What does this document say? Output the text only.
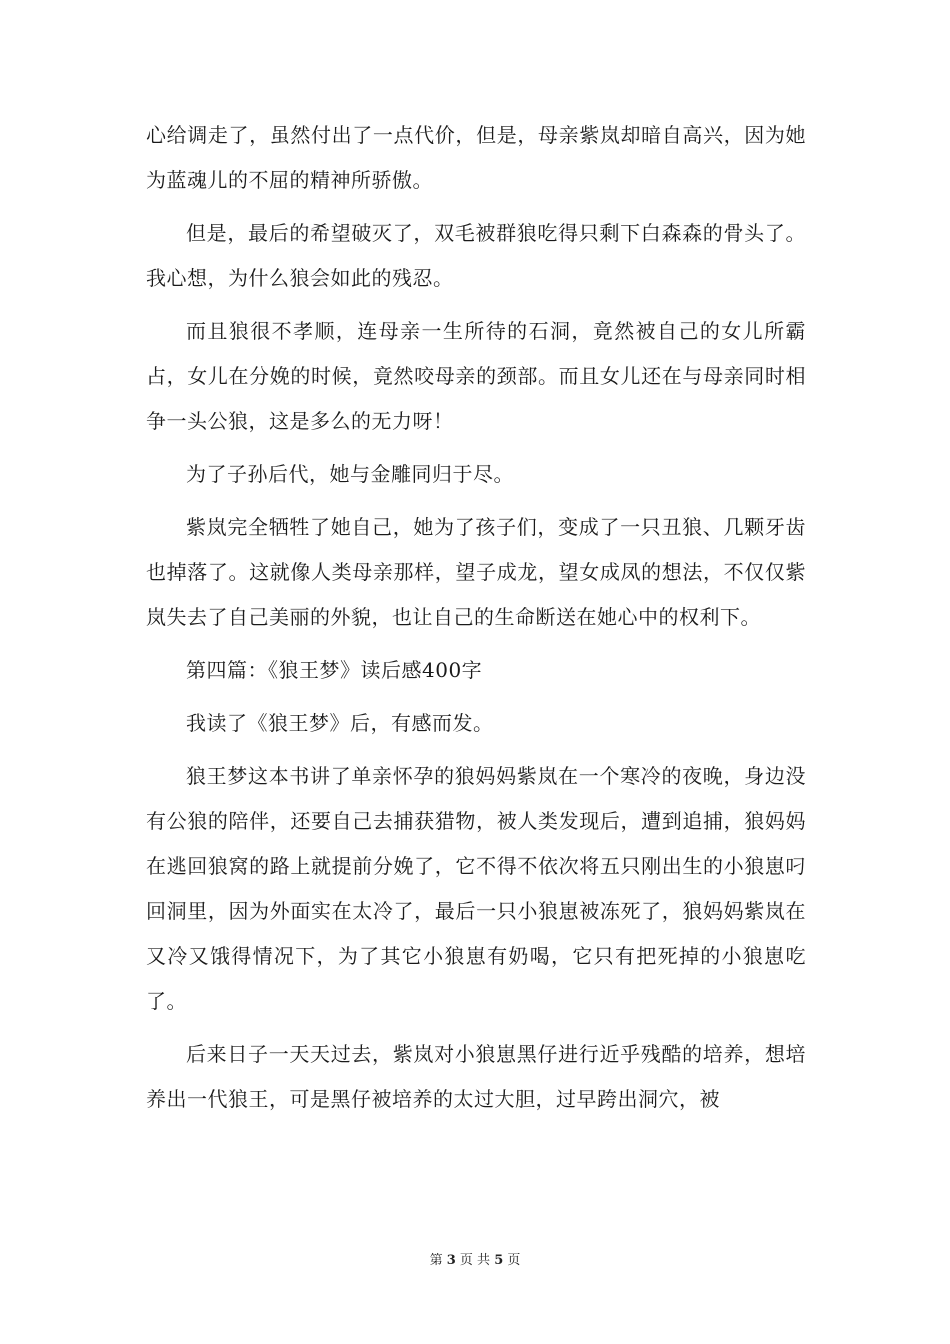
心给调走了，虽然付出了一点代价，但是，母亲紫岚却暗自高兴，因为她为蓝魂儿的不屈的精神所骄傲。

但是，最后的希望破灭了，双毛被群狼吃得只剩下白森森的骨头了。我心想，为什么狼会如此的残忍。

而且狼很不孝顺，连母亲一生所待的石洞，竟然被自己的女儿所霸占，女儿在分娩的时候，竟然咬母亲的颈部。而且女儿还在与母亲同时相争一头公狼，这是多么的无力呀！

为了子孙后代，她与金雕同归于尽。

紫岚完全牺牲了她自己，她为了孩子们，变成了一只丑狼、几颗牙齿也掉落了。这就像人类母亲那样，望子成龙，望女成凤的想法，不仅仅紫岚失去了自己美丽的外貌，也让自己的生命断送在她心中的权利下。

第四篇：《狼王梦》读后感400字

我读了《狼王梦》后，有感而发。

狼王梦这本书讲了单亲怀孕的狼妈妈紫岚在一个寒冷的夜晚，身边没有公狼的陪伴，还要自己去捕获猎物，被人类发现后，遭到追捕，狼妈妈在逃回狼窝的路上就提前分娩了，它不得不依次将五只刚出生的小狼崽叼回洞里，因为外面实在太冷了，最后一只小狼崽被冻死了，狼妈妈紫岚在又冷又饿得情况下，为了其它小狼崽有奶喝，它只有把死掉的小狼崽吃了。

后来日子一天天过去，紫岚对小狼崽黑仔进行近乎残酷的培养，想培养出一代狼王，可是黑仔被培养的太过大胆，过早跨出洞穴，被

第 3 页 共 5 页
